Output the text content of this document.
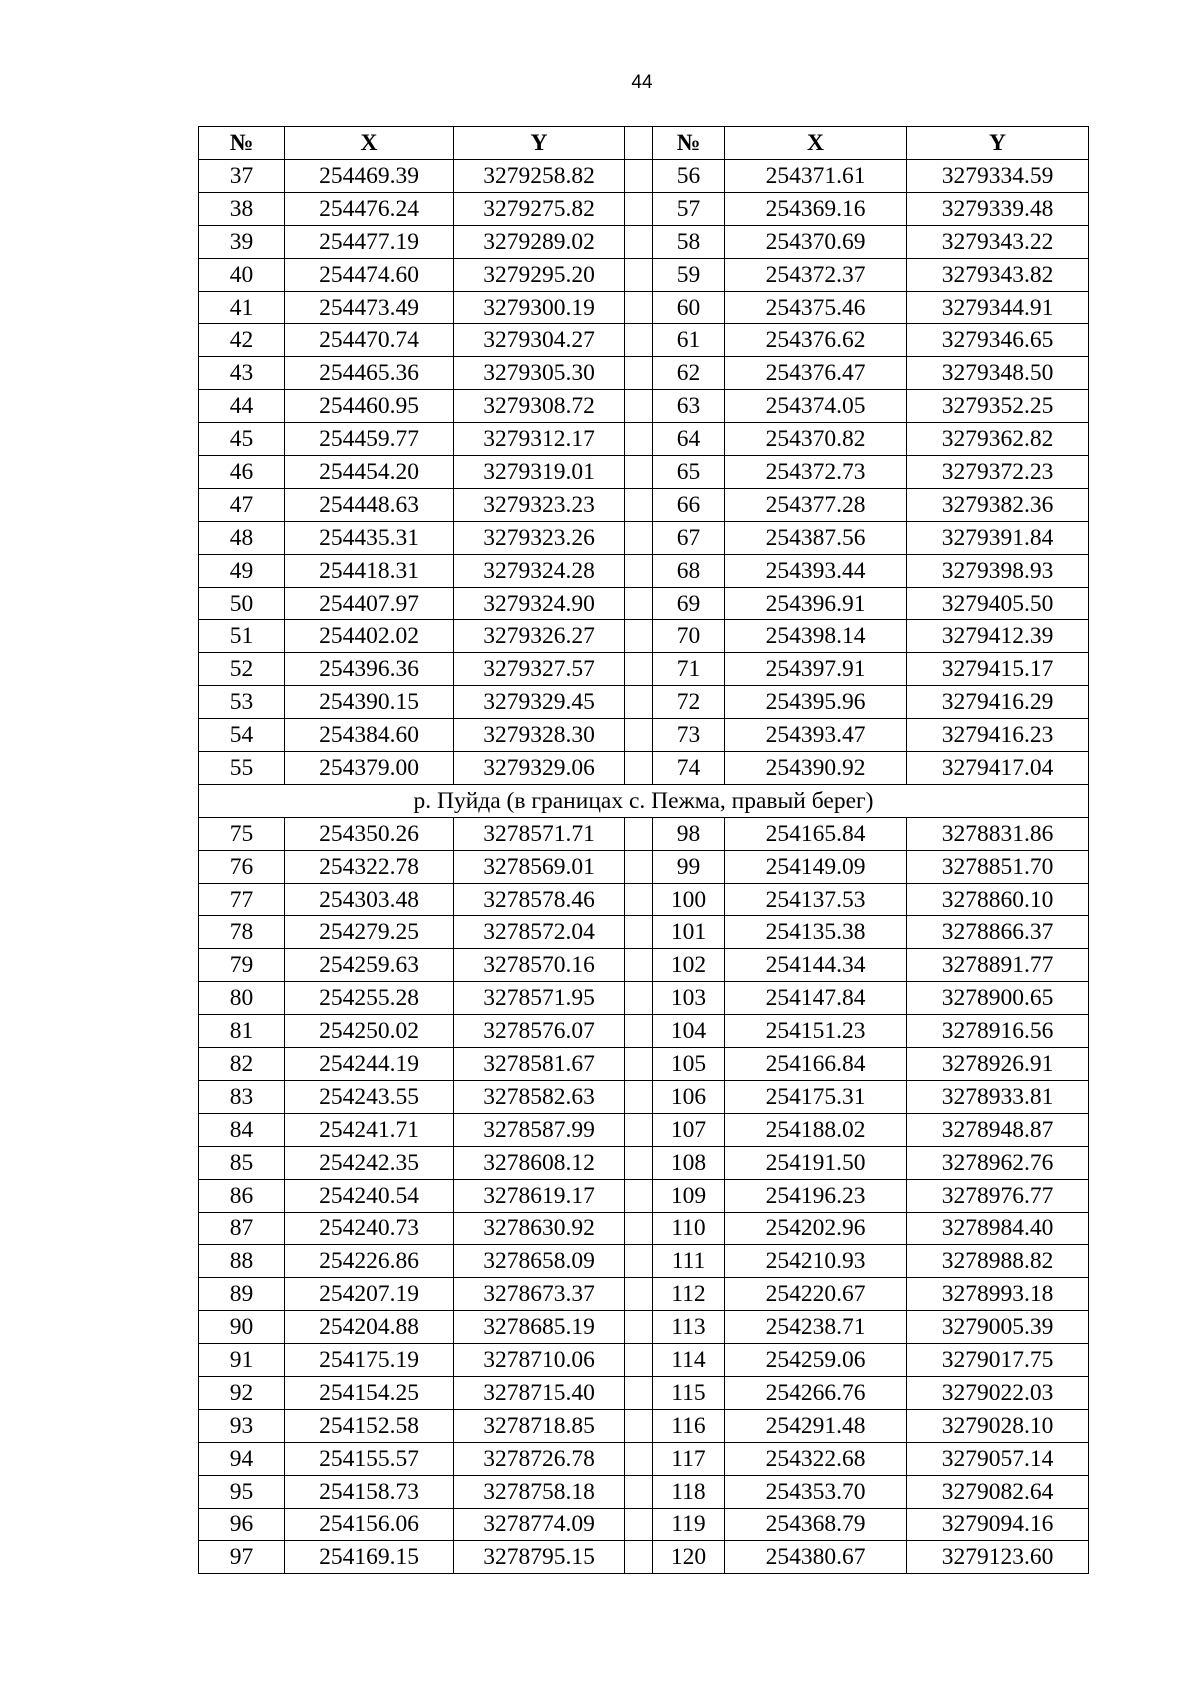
44
№	X	Y		№	X	Y
37	254469.39	3279258.82		56	254371.61	3279334.59
38	254476.24	3279275.82		57	254369.16	3279339.48
39	254477.19	3279289.02		58	254370.69	3279343.22
40	254474.60	3279295.20		59	254372.37	3279343.82
41	254473.49	3279300.19		60	254375.46	3279344.91
42	254470.74	3279304.27		61	254376.62	3279346.65
43	254465.36	3279305.30		62	254376.47	3279348.50
44	254460.95	3279308.72		63	254374.05	3279352.25
45	254459.77	3279312.17		64	254370.82	3279362.82
46	254454.20	3279319.01		65	254372.73	3279372.23
47	254448.63	3279323.23		66	254377.28	3279382.36
48	254435.31	3279323.26		67	254387.56	3279391.84
49	254418.31	3279324.28		68	254393.44	3279398.93
50	254407.97	3279324.90		69	254396.91	3279405.50
51	254402.02	3279326.27		70	254398.14	3279412.39
52	254396.36	3279327.57		71	254397.91	3279415.17
53	254390.15	3279329.45		72	254395.96	3279416.29
54	254384.60	3279328.30		73	254393.47	3279416.23
55	254379.00	3279329.06		74	254390.92	3279417.04
р. Пуйда (в границах с. Пежма, правый берег)						
75	254350.26	3278571.71		98	254165.84	3278831.86
76	254322.78	3278569.01		99	254149.09	3278851.70
77	254303.48	3278578.46		100	254137.53	3278860.10
78	254279.25	3278572.04		101	254135.38	3278866.37
79	254259.63	3278570.16		102	254144.34	3278891.77
80	254255.28	3278571.95		103	254147.84	3278900.65
81	254250.02	3278576.07		104	254151.23	3278916.56
82	254244.19	3278581.67		105	254166.84	3278926.91
83	254243.55	3278582.63		106	254175.31	3278933.81
84	254241.71	3278587.99		107	254188.02	3278948.87
85	254242.35	3278608.12		108	254191.50	3278962.76
86	254240.54	3278619.17		109	254196.23	3278976.77
87	254240.73	3278630.92		110	254202.96	3278984.40
88	254226.86	3278658.09		111	254210.93	3278988.82
89	254207.19	3278673.37		112	254220.67	3278993.18
90	254204.88	3278685.19		113	254238.71	3279005.39
91	254175.19	3278710.06		114	254259.06	3279017.75
92	254154.25	3278715.40		115	254266.76	3279022.03
93	254152.58	3278718.85		116	254291.48	3279028.10
94	254155.57	3278726.78		117	254322.68	3279057.14
95	254158.73	3278758.18		118	254353.70	3279082.64
96	254156.06	3278774.09		119	254368.79	3279094.16
97	254169.15	3278795.15		120	254380.67	3279123.60
